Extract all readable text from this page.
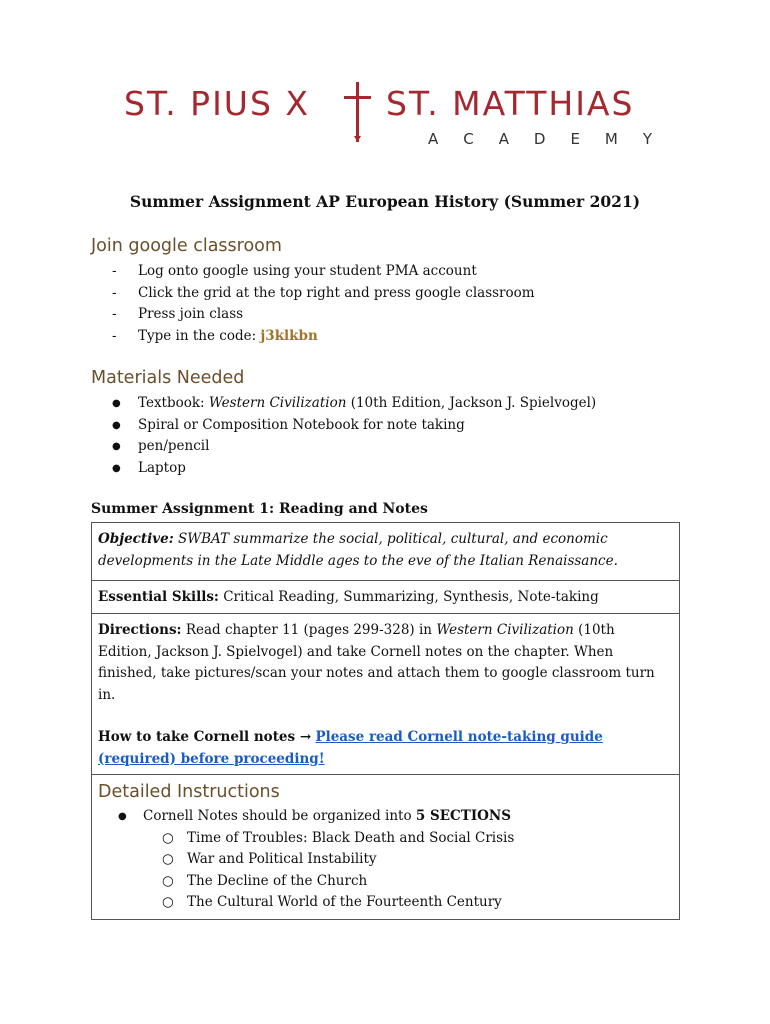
ST. PIUS X ST. MATTHIAS
A C A D E M Y
Summer Assignment AP European History (Summer 2021)
Join google classroom
- Log onto google using your student PMA account
- Click the grid at the top right and press google classroom
- Press join class
- Type in the code: j3klkbn
Materials Needed
● Textbook: Western Civilization (10th Edition, Jackson J. Spielvogel)
● Spiral or Composition Notebook for note taking
● pen/pencil
● Laptop
Summer Assignment 1: Reading and Notes
Objective: SWBAT summarize the social, political, cultural, and economic developments in the Late Middle ages to the eve of the Italian Renaissance.
Essential Skills: Critical Reading, Summarizing, Synthesis, Note-taking
Directions: Read chapter 11 (pages 299-328) in Western Civilization (10th Edition, Jackson J. Spielvogel) and take Cornell notes on the chapter. When finished, take pictures/scan your notes and attach them to google classroom turn in.
How to take Cornell notes → Please read Cornell note-taking guide (required) before proceeding!
Detailed Instructions
● Cornell Notes should be organized into 5 SECTIONS
○ Time of Troubles: Black Death and Social Crisis
○ War and Political Instability
○ The Decline of the Church
○ The Cultural World of the Fourteenth Century
